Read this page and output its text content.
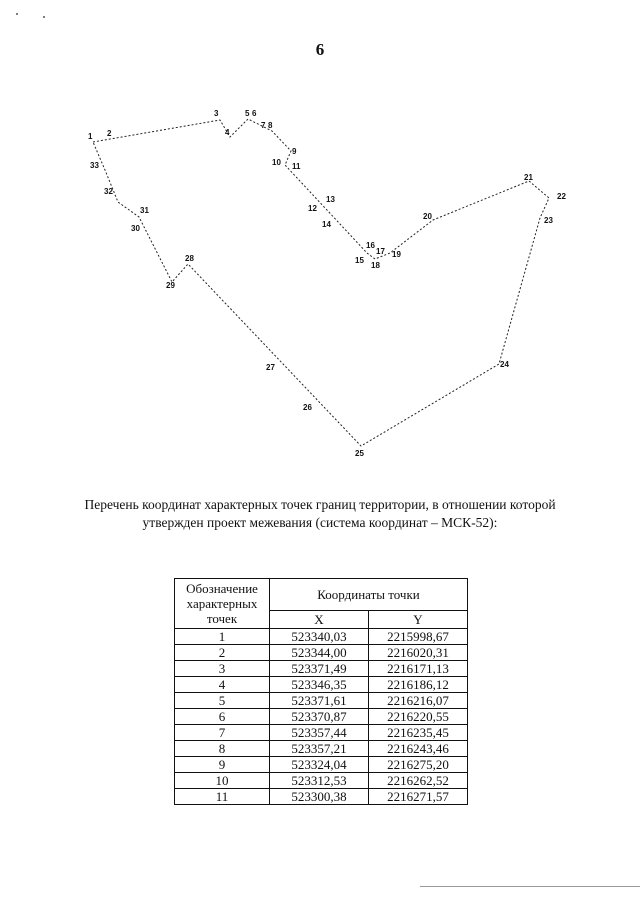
6
1 2
3
4
5 6
7 8
9
10 11
12
13
14
15
16
17
18
19
20
21
22
23
24
25
26
27
28
29
30
31
32
33
Перечень координат характерных точек границ территории, в отношении которой утвержден проект межевания (система координат – МСК-52):
Обозначение характерных точек	Координаты точки	
	X	Y
1	523340,03	2215998,67
2	523344,00	2216020,31
3	523371,49	2216171,13
4	523346,35	2216186,12
5	523371,61	2216216,07
6	523370,87	2216220,55
7	523357,44	2216235,45
8	523357,21	2216243,46
9	523324,04	2216275,20
10	523312,53	2216262,52
11	523300,38	2216271,57
